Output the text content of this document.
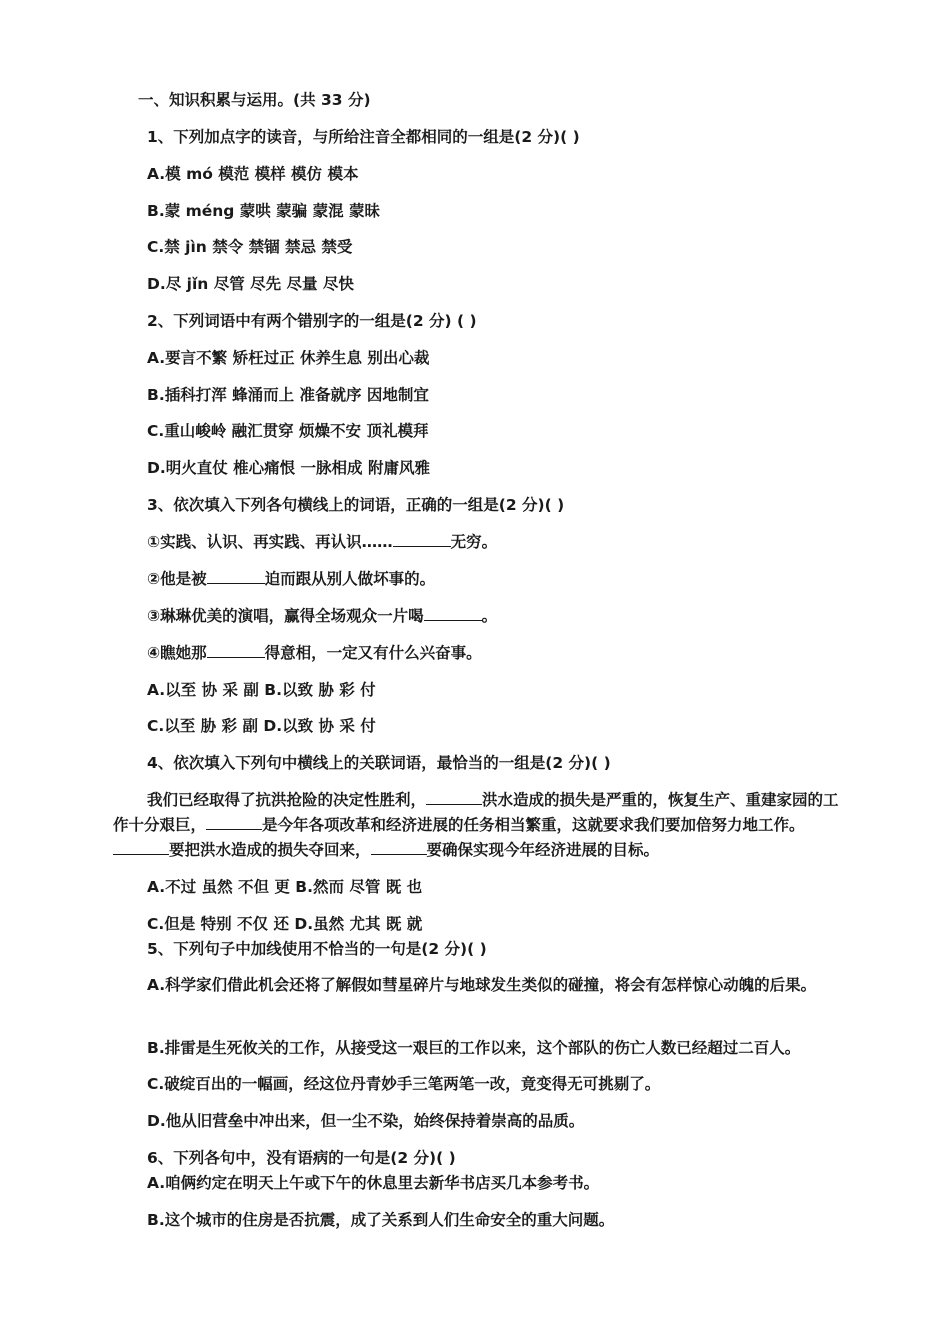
一、知识积累与运用。(共 33 分)
1、下列加点字的读音，与所给注音全都相同的一组是(2 分)( )
A.模 mó 模范 模样 模仿 模本
B.蒙 méng 蒙哄 蒙骗 蒙混 蒙昧
C.禁 jìn 禁令 禁锢 禁忌 禁受
D.尽 jǐn 尽管 尽先 尽量 尽快
2、下列词语中有两个错别字的一组是(2 分) ( )
A.要言不繁 矫枉过正 休养生息 别出心裁
B.插科打浑 蜂涌而上 准备就序 因地制宜
C.重山峻岭 融汇贯穿 烦燥不安 顶礼模拜
D.明火直仗 椎心痛恨 一脉相成 附庸风雅
3、依次填入下列各句横线上的词语，正确的一组是(2 分)( )
①实践、认识、再实践、再认识……	无穷。
②他是被	迫而跟从别人做坏事的。
③琳琳优美的演唱，赢得全场观众一片喝	。
④瞧她那	得意相，一定又有什么兴奋事。
A.以至 协 采 副 B.以致 胁 彩 付
C.以至 胁 彩 副 D.以致 协 采 付
4、依次填入下列句中横线上的关联词语，最恰当的一组是(2 分)( )
我们已经取得了抗洪抢险的决定性胜利，	洪水造成的损失是严重的，恢复生产、重建家园的工作十分艰巨，	是今年各项改革和经济进展的任务相当繁重，这就要求我们要加倍努力地工作。要把洪水造成的损失夺回来，	要确保实现今年经济进展的目标。
A.不过 虽然 不但 更 B.然而 尽管 既 也
C.但是 特别 不仅 还 D.虽然 尤其 既 就
5、下列句子中加线使用不恰当的一句是(2 分)( )
A.科学家们借此机会还将了解假如彗星碎片与地球发生类似的碰撞，将会有怎样惊心动魄的后果。
B.排雷是生死攸关的工作，从接受这一艰巨的工作以来，这个部队的伤亡人数已经超过二百人。
C.破绽百出的一幅画，经这位丹青妙手三笔两笔一改，竟变得无可挑剔了。
D.他从旧营垒中冲出来，但一尘不染，始终保持着崇高的品质。
6、下列各句中，没有语病的一句是(2 分)( )
A.咱俩约定在明天上午或下午的休息里去新华书店买几本参考书。
B.这个城市的住房是否抗震，成了关系到人们生命安全的重大问题。
